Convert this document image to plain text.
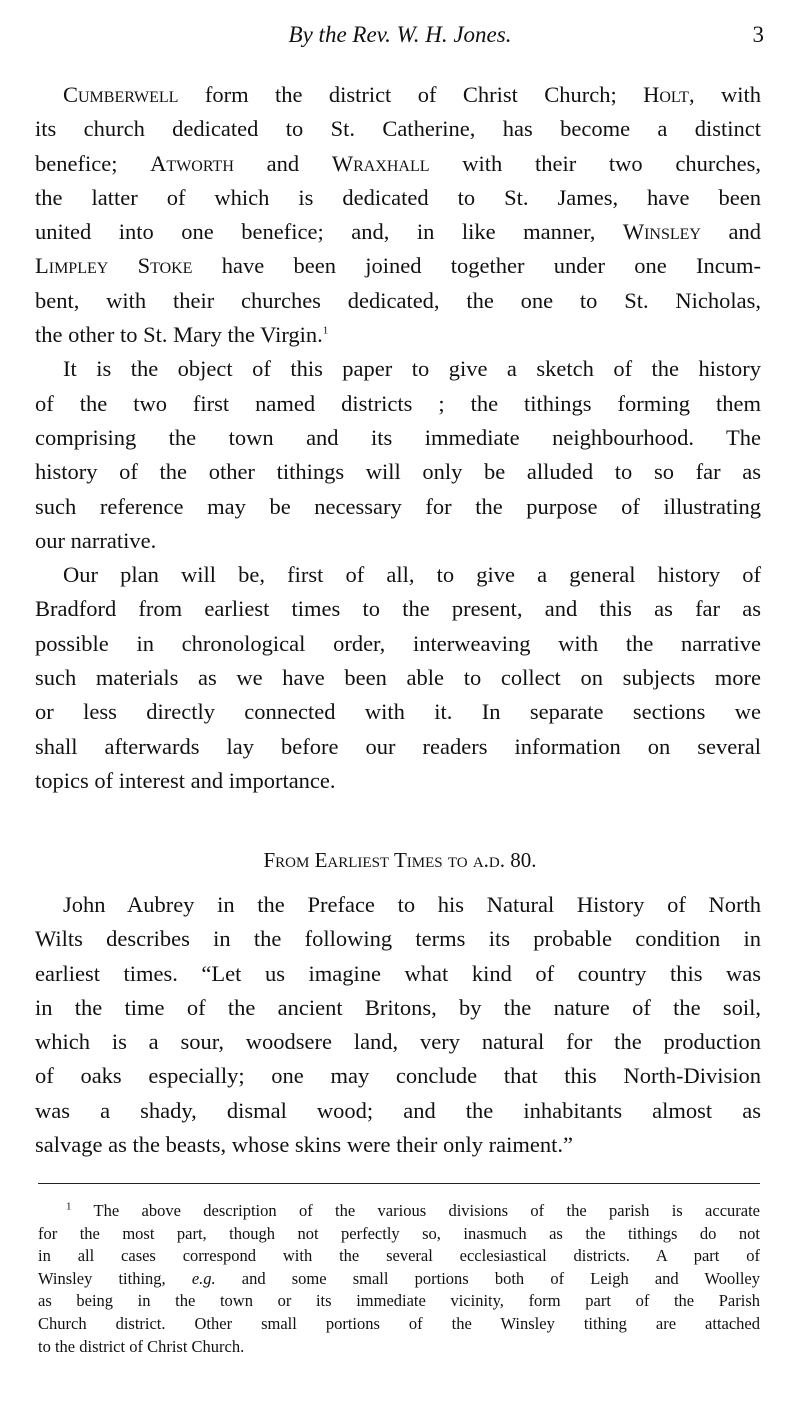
By the Rev. W. H. Jones.	3
Cumberwell form the district of Christ Church; Holt, with
its church dedicated to St. Catherine, has become a distinct
benefice; Atworth and Wraxhall with their two churches,
the latter of which is dedicated to St. James, have been
united into one benefice; and, in like manner, Winsley and
Limpley Stoke have been joined together under one Incum-
bent, with their churches dedicated, the one to St. Nicholas,
the other to St. Mary the Virgin.$^1$
It is the object of this paper to give a sketch of the history
of the two first named districts ; the tithings forming them
comprising the town and its immediate neighbourhood. The
history of the other tithings will only be alluded to so far as
such reference may be necessary for the purpose of illustrating
our narrative.
Our plan will be, first of all, to give a general history of
Bradford from earliest times to the present, and this as far as
possible in chronological order, interweaving with the narrative
such materials as we have been able to collect on subjects more
or less directly connected with it. In separate sections we
shall afterwards lay before our readers information on several
topics of interest and importance.
From Earliest Times to a.d. 80.
John Aubrey in the Preface to his Natural History of North
Wilts describes in the following terms its probable condition in
earliest times. “Let us imagine what kind of country this was
in the time of the ancient Britons, by the nature of the soil,
which is a sour, woodsere land, very natural for the production
of oaks especially; one may conclude that this North-Division
was a shady, dismal wood; and the inhabitants almost as
salvage as the beasts, whose skins were their only raiment.”
$^1$ The above description of the various divisions of the parish is accurate
for the most part, though not perfectly so, inasmuch as the tithings do not
in all cases correspond with the several ecclesiastical districts. A part of
Winsley tithing, e.g. and some small portions both of Leigh and Woolley
as being in the town or its immediate vicinity, form part of the Parish
Church district. Other small portions of the Winsley tithing are attached
to the district of Christ Church.
